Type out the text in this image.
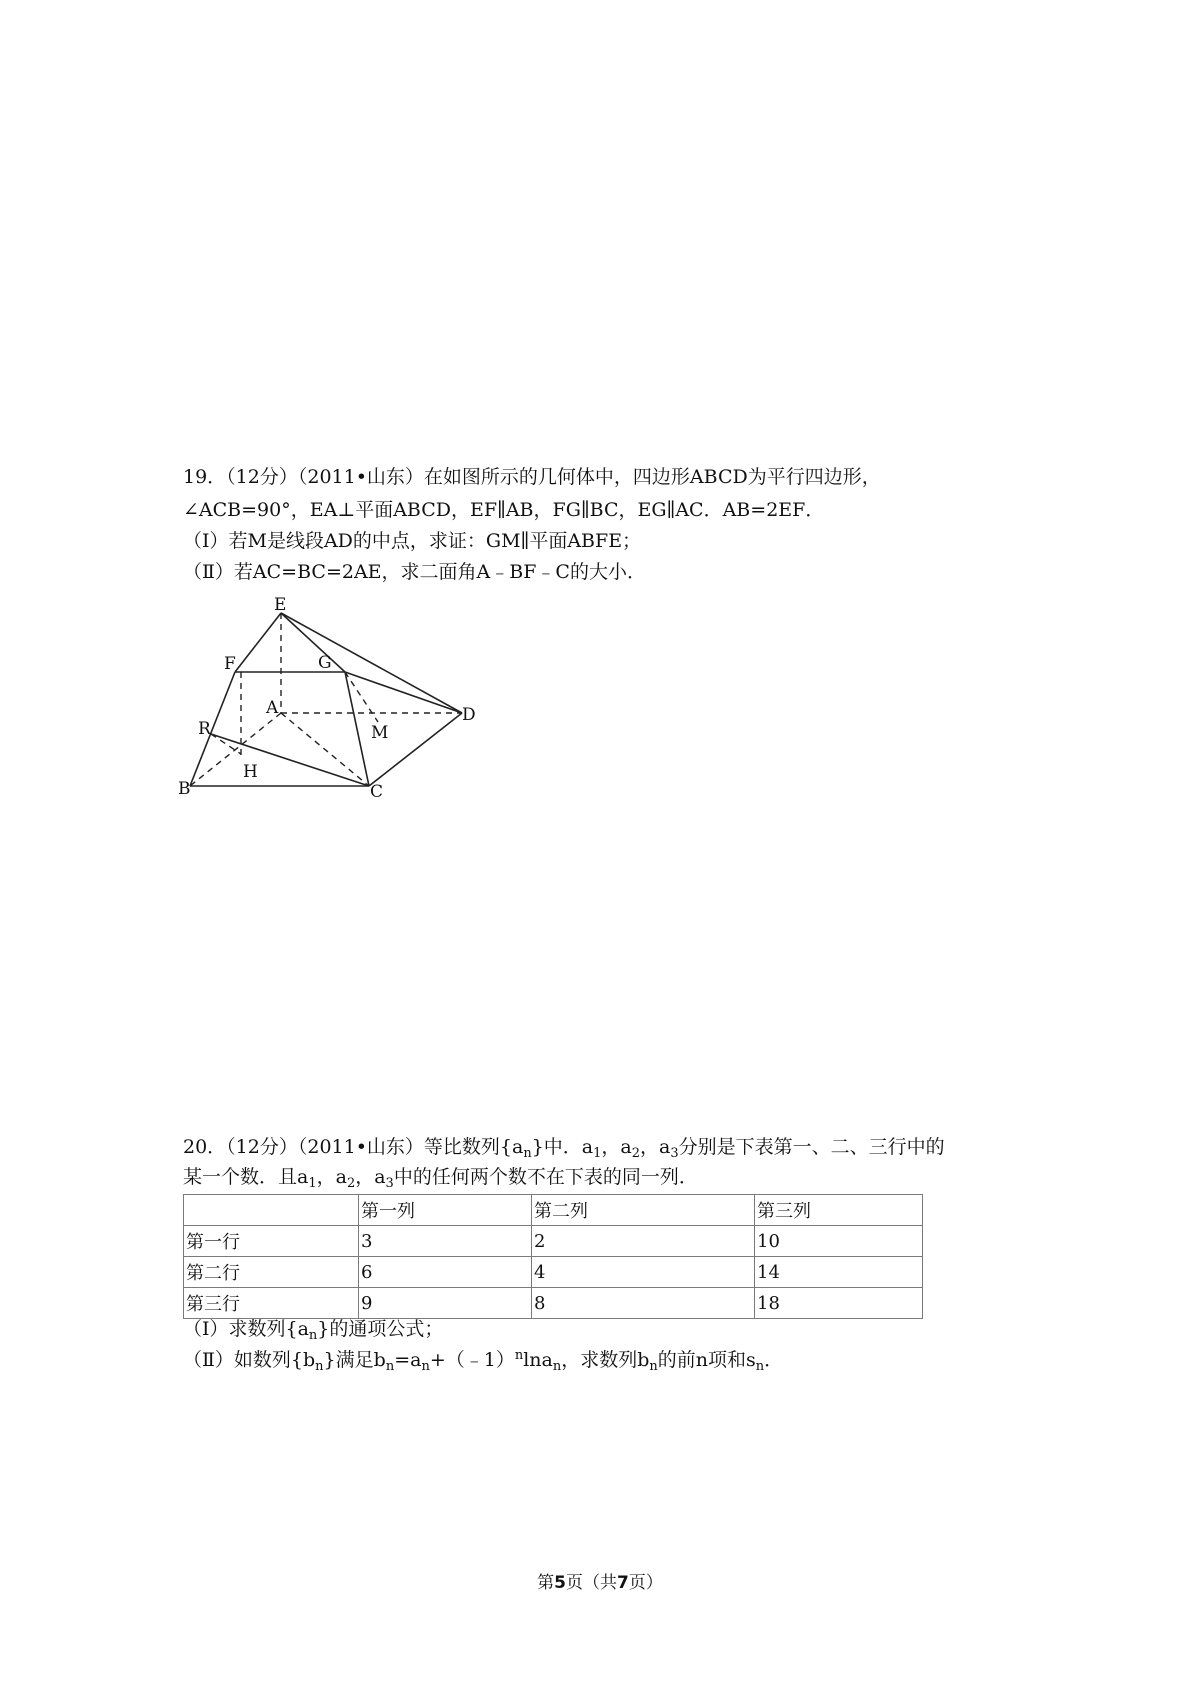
19．（12分）（2011•山东）在如图所示的几何体中，四边形ABCD为平行四边形，
∠ACB=90°，EA⊥平面ABCD，EF∥AB，FG∥BC，EG∥AC．AB=2EF．
（Ⅰ）若M是线段AD的中点，求证：GM∥平面ABFE；
（Ⅱ）若AC=BC=2AE，求二面角A﹣BF﹣C的大小．
E
F	G
A	D
M
R
H
B	C
20．（12分）（2011•山东）等比数列$\{a_n\}$中．$a_1$，$a_2$，$a_3$分别是下表第一、二、三行中的
某一个数．且$a_1$，$a_2$，$a_3$中的任何两个数不在下表的同一列．
	第一列	第二列	第三列
第一行	3	2	10
第二行	6	4	14
第三行	9	8	18
（Ⅰ）求数列$\{a_n\}$的通项公式；
（Ⅱ）如数列$\{b_n\}$满足$b_n=a_n+(﹣1)^n\ln a_n$，求数列$b_n$的前n项和$s_n$．
第5页（共7页）
